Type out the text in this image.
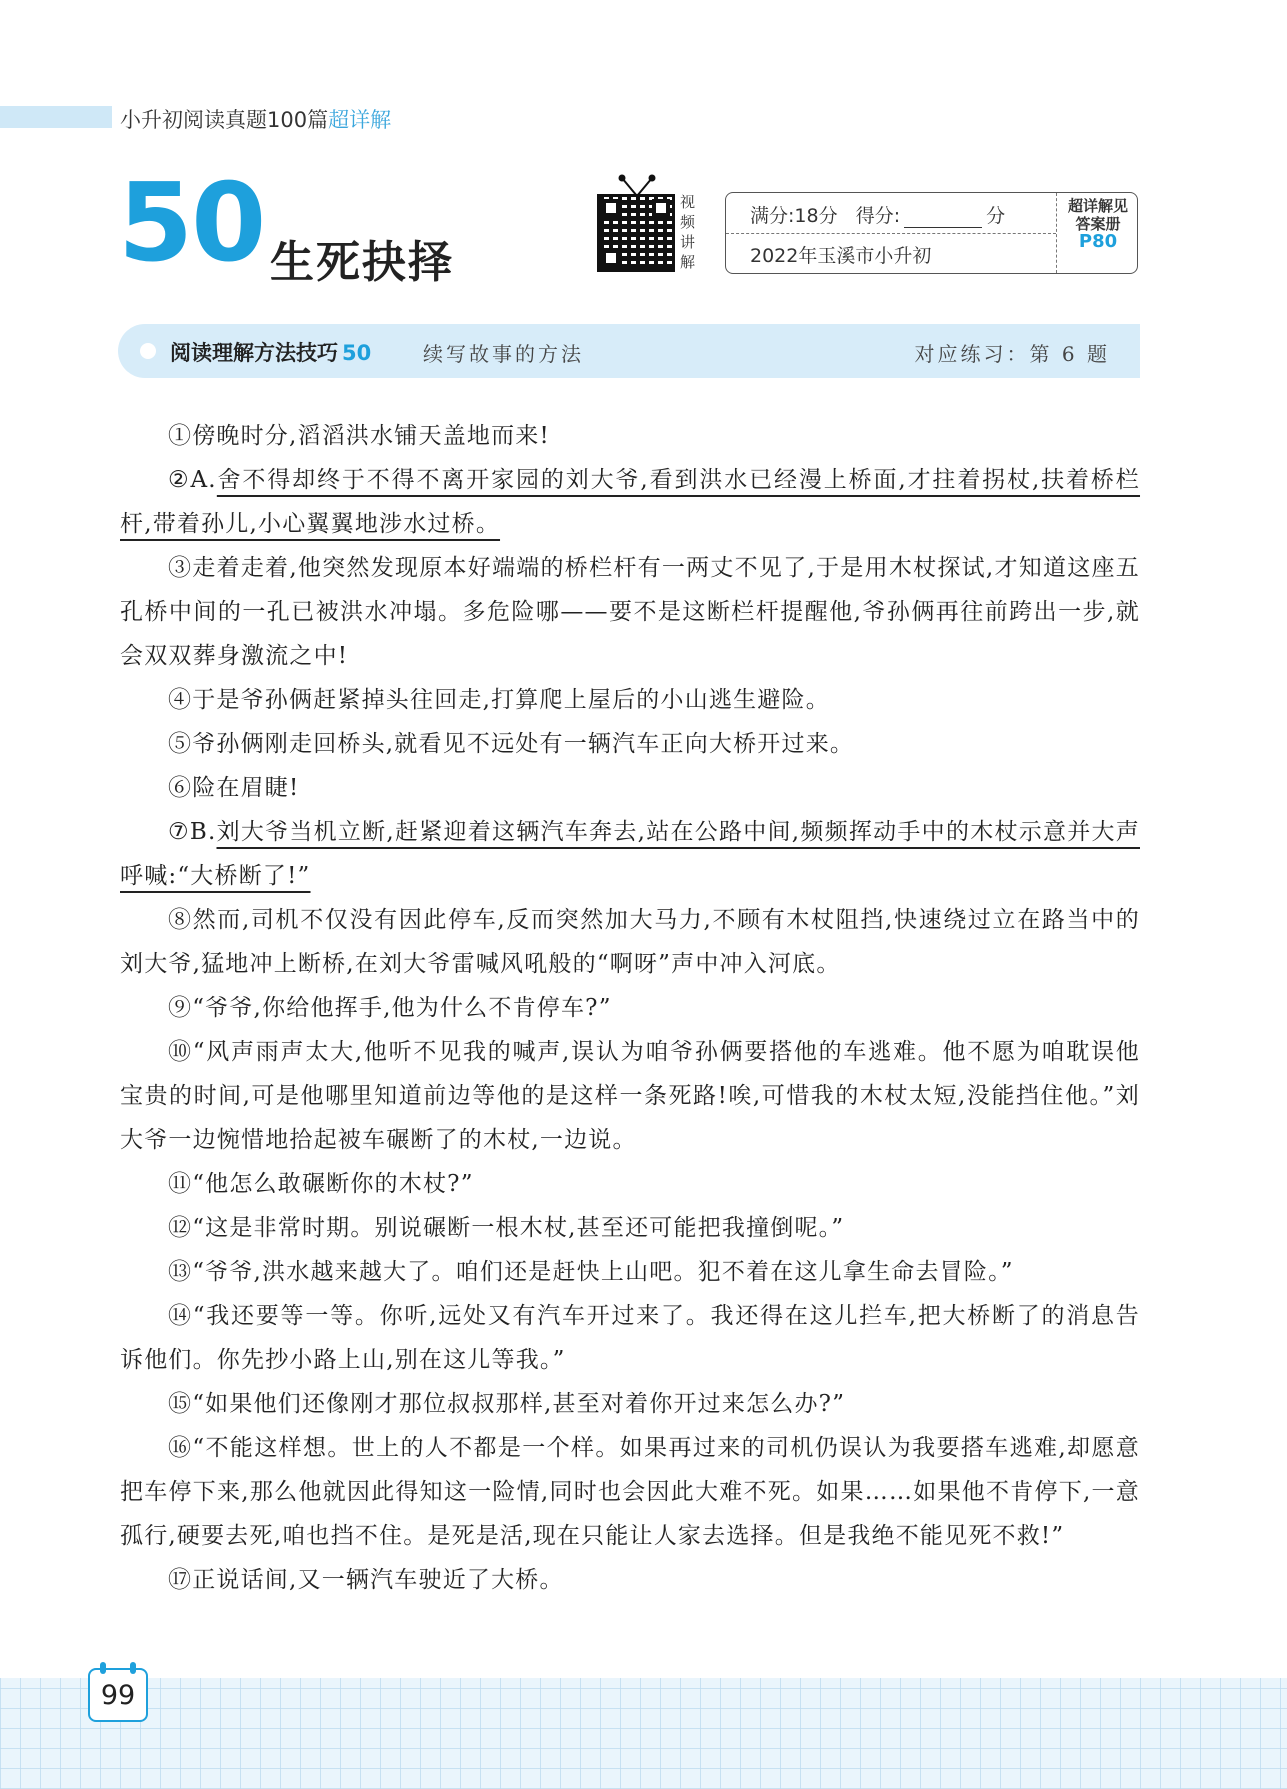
小升初阅读真题100篇超详解
50 生死抉择
视频讲解
满分:18分 得分:	分
2022年玉溪市小升初
超详解见
答案册
P80
阅读理解方法技巧 50	续写故事的方法	对应练习：第 6 题

①傍晚时分,滔滔洪水铺天盖地而来!

②A.舍不得却终于不得不离开家园的刘大爷,看到洪水已经漫上桥面,才拄着拐杖,扶着桥栏杆,带着孙儿,小心翼翼地涉水过桥。

③走着走着,他突然发现原本好端端的桥栏杆有一两丈不见了,于是用木杖探试,才知道这座五孔桥中间的一孔已被洪水冲塌。多危险哪——要不是这断栏杆提醒他,爷孙俩再往前跨出一步,就会双双葬身激流之中!

④于是爷孙俩赶紧掉头往回走,打算爬上屋后的小山逃生避险。

⑤爷孙俩刚走回桥头,就看见不远处有一辆汽车正向大桥开过来。

⑥险在眉睫!

⑦B.刘大爷当机立断,赶紧迎着这辆汽车奔去,站在公路中间,频频挥动手中的木杖示意并大声呼喊:“大桥断了!”

⑧然而,司机不仅没有因此停车,反而突然加大马力,不顾有木杖阻挡,快速绕过立在路当中的刘大爷,猛地冲上断桥,在刘大爷雷喊风吼般的“啊呀”声中冲入河底。

⑨“爷爷,你给他挥手,他为什么不肯停车?”

⑩“风声雨声太大,他听不见我的喊声,误认为咱爷孙俩要搭他的车逃难。他不愿为咱耽误他宝贵的时间,可是他哪里知道前边等他的是这样一条死路!唉,可惜我的木杖太短,没能挡住他。”刘大爷一边惋惜地拾起被车碾断了的木杖,一边说。

⑪“他怎么敢碾断你的木杖?”

⑫“这是非常时期。别说碾断一根木杖,甚至还可能把我撞倒呢。”

⑬“爷爷,洪水越来越大了。咱们还是赶快上山吧。犯不着在这儿拿生命去冒险。”

⑭“我还要等一等。你听,远处又有汽车开过来了。我还得在这儿拦车,把大桥断了的消息告诉他们。你先抄小路上山,别在这儿等我。”

⑮“如果他们还像刚才那位叔叔那样,甚至对着你开过来怎么办?”

⑯“不能这样想。世上的人不都是一个样。如果再过来的司机仍误认为我要搭车逃难,却愿意把车停下来,那么他就因此得知这一险情,同时也会因此大难不死。如果……如果他不肯停下,一意孤行,硬要去死,咱也挡不住。是死是活,现在只能让人家去选择。但是我绝不能见死不救!”

⑰正说话间,又一辆汽车驶近了大桥。

99
